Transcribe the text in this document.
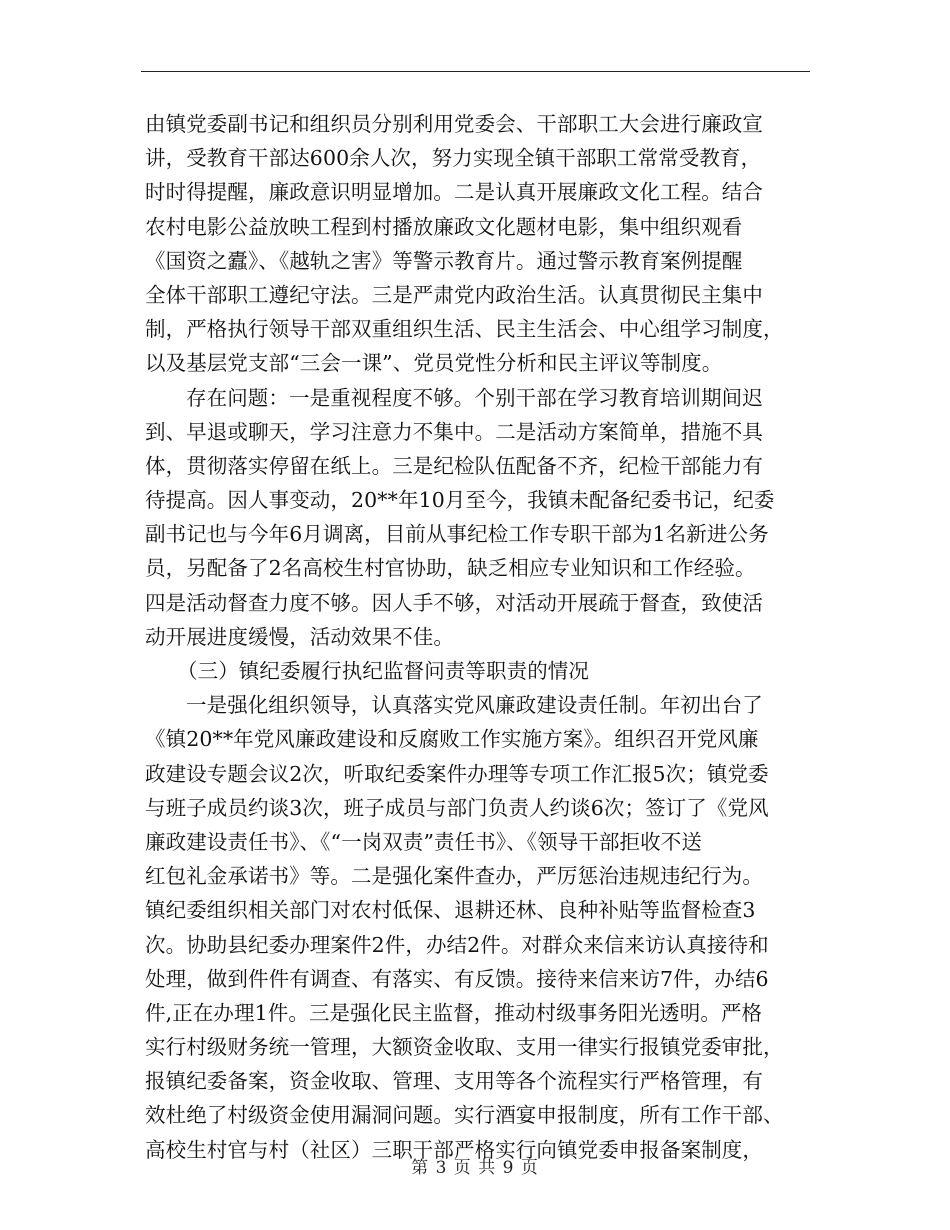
由镇党委副书记和组织员分别利用党委会、干部职工大会进行廉政宣
讲，受教育干部达600余人次，努力实现全镇干部职工常常受教育，
时时得提醒，廉政意识明显增加。二是认真开展廉政文化工程。结合
农村电影公益放映工程到村播放廉政文化题材电影，集中组织观看
《国资之蠹》、《越轨之害》等警示教育片。通过警示教育案例提醒
全体干部职工遵纪守法。三是严肃党内政治生活。认真贯彻民主集中
制，严格执行领导干部双重组织生活、民主生活会、中心组学习制度，
以及基层党支部“三会一课”、党员党性分析和民主评议等制度。
存在问题：一是重视程度不够。个别干部在学习教育培训期间迟
到、早退或聊天，学习注意力不集中。二是活动方案简单，措施不具
体，贯彻落实停留在纸上。三是纪检队伍配备不齐，纪检干部能力有
待提高。因人事变动，20**年10月至今，我镇未配备纪委书记，纪委
副书记也与今年6月调离，目前从事纪检工作专职干部为1名新进公务
员，另配备了2名高校生村官协助，缺乏相应专业知识和工作经验。
四是活动督查力度不够。因人手不够，对活动开展疏于督查，致使活
动开展进度缓慢，活动效果不佳。
（三）镇纪委履行执纪监督问责等职责的情况
一是强化组织领导，认真落实党风廉政建设责任制。年初出台了
《镇20**年党风廉政建设和反腐败工作实施方案》。组织召开党风廉
政建设专题会议2次，听取纪委案件办理等专项工作汇报5次；镇党委
与班子成员约谈3次，班子成员与部门负责人约谈6次；签订了《党风
廉政建设责任书》、《“一岗双责”责任书》、《领导干部拒收不送
红包礼金承诺书》等。二是强化案件查办，严厉惩治违规违纪行为。
镇纪委组织相关部门对农村低保、退耕还林、良种补贴等监督检查3
次。协助县纪委办理案件2件，办结2件。对群众来信来访认真接待和
处理，做到件件有调查、有落实、有反馈。接待来信来访7件，办结6
件,正在办理1件。三是强化民主监督，推动村级事务阳光透明。严格
实行村级财务统一管理，大额资金收取、支用一律实行报镇党委审批，
报镇纪委备案，资金收取、管理、支用等各个流程实行严格管理，有
效杜绝了村级资金使用漏洞问题。实行酒宴申报制度，所有工作干部、
高校生村官与村（社区）三职干部严格实行向镇党委申报备案制度，
第 3 页 共 9 页
